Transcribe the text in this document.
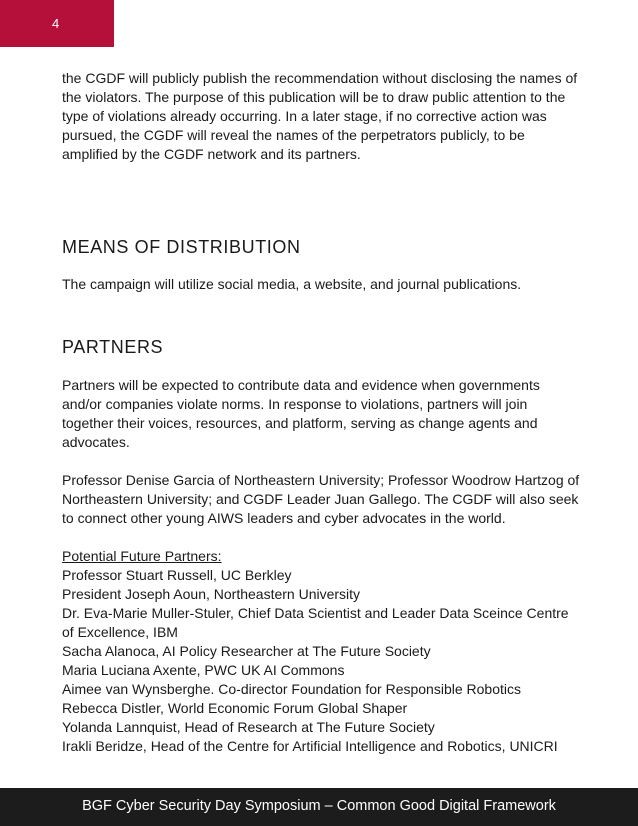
4

the CGDF will publicly publish the recommendation without disclosing the names of the violators. The purpose of this publication will be to draw public attention to the type of violations already occurring. In a later stage, if no corrective action was pursued, the CGDF will reveal the names of the perpetrators publicly, to be amplified by the CGDF network and its partners.

MEANS OF DISTRIBUTION

The campaign will utilize social media, a website, and journal publications.

PARTNERS

Partners will be expected to contribute data and evidence when governments and/or companies violate norms. In response to violations, partners will join together their voices, resources, and platform, serving as change agents and advocates.

Professor Denise Garcia of Northeastern University; Professor Woodrow Hartzog of Northeastern University; and CGDF Leader Juan Gallego. The CGDF will also seek to connect other young AIWS leaders and cyber advocates in the world.

Potential Future Partners:

Professor Stuart Russell, UC Berkley
President Joseph Aoun, Northeastern University
Dr. Eva-Marie Muller-Stuler, Chief Data Scientist and Leader Data Sceince Centre of Excellence, IBM
Sacha Alanoca, AI Policy Researcher at The Future Society
Maria Luciana Axente, PWC UK AI Commons
Aimee van Wynsberghe. Co-director Foundation for Responsible Robotics
Rebecca Distler, World Economic Forum Global Shaper
Yolanda Lannquist, Head of Research at The Future Society
Irakli Beridze, Head of the Centre for Artificial Intelligence and Robotics, UNICRI
BGF Cyber Security Day Symposium – Common Good Digital Framework
